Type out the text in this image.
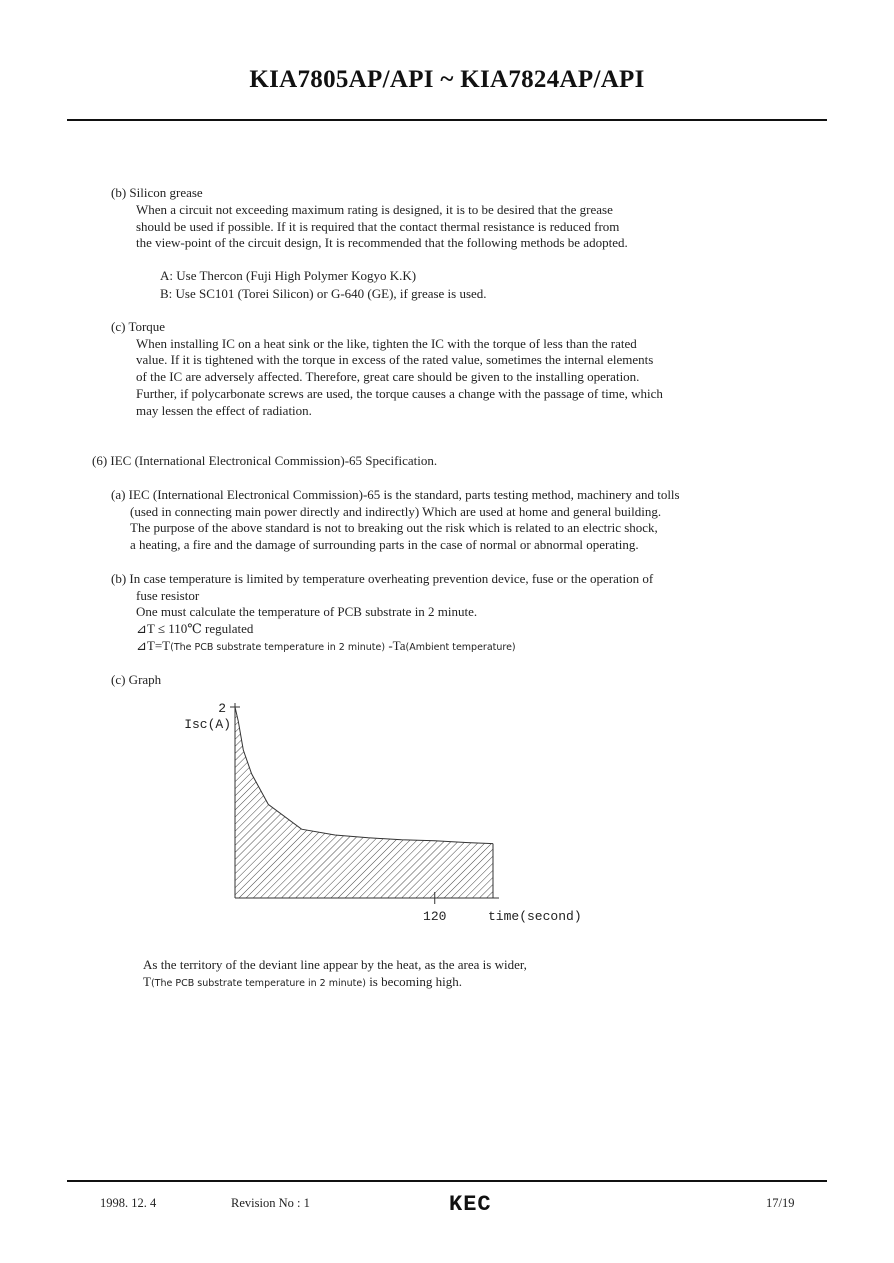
KIA7805AP/API ~ KIA7824AP/API
(b) Silicon grease
When a circuit not exceeding maximum rating is designed, it is to be desired that the grease
should be used if possible. If it is required that the contact thermal resistance is reduced from
the view-point of the circuit design, It is recommended that the following methods be adopted.
A: Use Thercon (Fuji High Polymer Kogyo K.K)
B: Use SC101 (Torei Silicon) or G-640 (GE), if grease is used.
(c) Torque
When installing IC on a heat sink or the like, tighten the IC with the torque of less than the rated
value. If it is tightened with the torque in excess of the rated value, sometimes the internal elements
of the IC are adversely affected. Therefore, great care should be given to the installing operation.
Further, if polycarbonate screws are used, the torque causes a change with the passage of time, which
may lessen the effect of radiation.
(6) IEC (International Electronical Commission)-65 Specification.
(a) IEC (International Electronical Commission)-65 is the standard, parts testing method, machinery and tolls
(used in connecting main power directly and indirectly) Which are used at home and general building.
The purpose of the above standard is not to breaking out the risk which is related to an electric shock,
a heating, a fire and the damage of surrounding parts in the case of normal or abnormal operating.
(b) In case temperature is limited by temperature overheating prevention device, fuse or the operation of
fuse resistor
One must calculate the temperature of PCB substrate in 2 minute.
⊿T ≤ 110℃ regulated
⊿T=T(The PCB substrate temperature in 2 minute) -Ta(Ambient temperature)
(c) Graph
2
Isc(A)
120	time(second)
As the territory of the deviant line appear by the heat, as the area is wider,
T(The PCB substrate temperature in 2 minute) is becoming high.
1998. 12. 4	Revision No : 1	KEC	17/19
